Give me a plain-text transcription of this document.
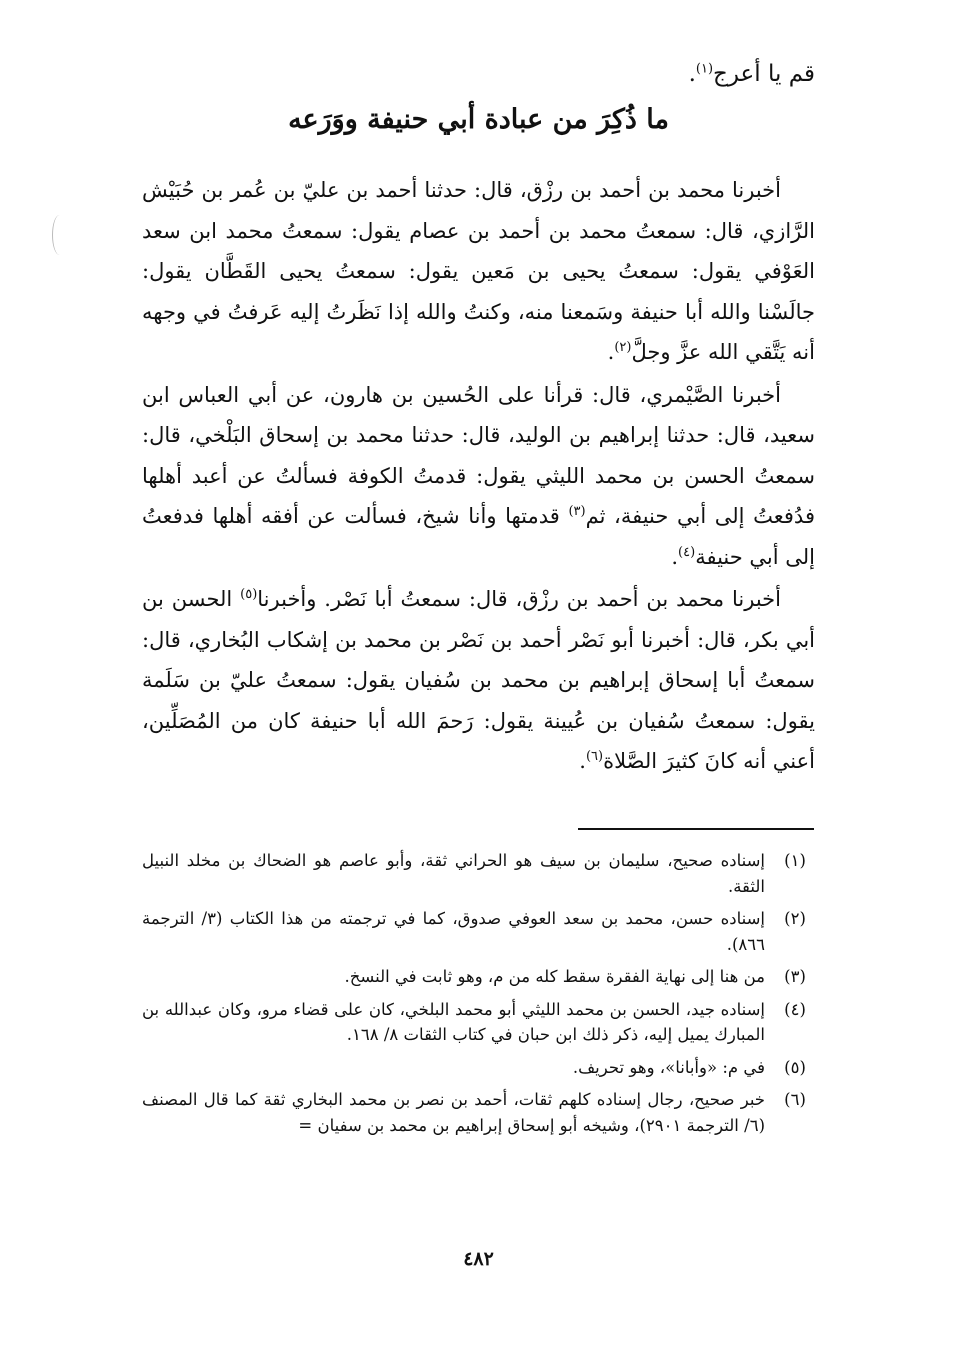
قم يا أعرج$^{(١)}$.

ما ذُكِرَ من عبادة أبي حنيفة ووَرَعه

أخبرنا محمد بن أحمد بن رزْق، قال: حدثنا أحمد بن عليّ بن عُمر بن حُبَيْش الرَّازي، قال: سمعتُ محمد بن أحمد بن عصام يقول: سمعتُ محمد ابن سعد العَوْفي يقول: سمعتُ يحيى بن مَعين يقول: سمعتُ يحيى القَطَّان يقول: جالَسْنا والله أبا حنيفة وسَمعنا منه، وكنتُ والله إذا نَظَرتُ إليه عَرفتُ في وجهه أنه يَتَّقي الله عزَّ وجلَّ$^{(٢)}$.

أخبرنا الصَّيْمري، قال: قرأنا على الحُسين بن هارون، عن أبي العباس ابن سعيد، قال: حدثنا إبراهيم بن الوليد، قال: حدثنا محمد بن إسحاق البَلْخي، قال: سمعتُ الحسن بن محمد الليثي يقول: قدمتُ الكوفة فسألتُ عن أعبد أهلها فدُفعتُ إلى أبي حنيفة، ثم$^{(٣)}$ قدمتها وأنا شيخ، فسألت عن أفقه أهلها فدفعتُ إلى أبي حنيفة$^{(٤)}$.

أخبرنا محمد بن أحمد بن رزْق، قال: سمعتُ أبا نَصْر. وأخبرنا$^{(٥)}$ الحسن بن أبي بكر، قال: أخبرنا أبو نَصْر أحمد بن نَصْر بن محمد بن إشكاب البُخاري، قال: سمعتُ أبا إسحاق إبراهيم بن محمد بن سُفيان يقول: سمعتُ عليّ بن سَلَمة يقول: سمعتُ سُفيان بن عُيينة يقول: رَحمَ الله أبا حنيفة كان من المُصَلِّين، أعني أنه كانَ كثيرَ الصَّلاة$^{(٦)}$.

(١)
إسناده صحيح، سليمان بن سيف هو الحراني ثقة، وأبو عاصم هو الضحاك بن مخلد النبيل الثقة.
(٢)
إسناده حسن، محمد بن سعد العوفي صدوق، كما في ترجمته من هذا الكتاب (٣/ الترجمة ٨٦٦).
(٣)
من هنا إلى نهاية الفقرة سقط كله من م، وهو ثابت في النسخ.
(٤)
إسناده جيد، الحسن بن محمد الليثي أبو محمد البلخي، كان على قضاء مرو، وكان عبدالله بن المبارك يميل إليه، ذكر ذلك ابن حبان في كتاب الثقات ٨/ ١٦٨.
(٥)
في م: «وأبانا»، وهو تحريف.
(٦)
خبر صحيح، رجال إسناده كلهم ثقات، أحمد بن نصر بن محمد البخاري ثقة كما قال المصنف (٦/ الترجمة ٢٩٠١)، وشيخه أبو إسحاق إبراهيم بن محمد بن سفيان =
٤٨٢
